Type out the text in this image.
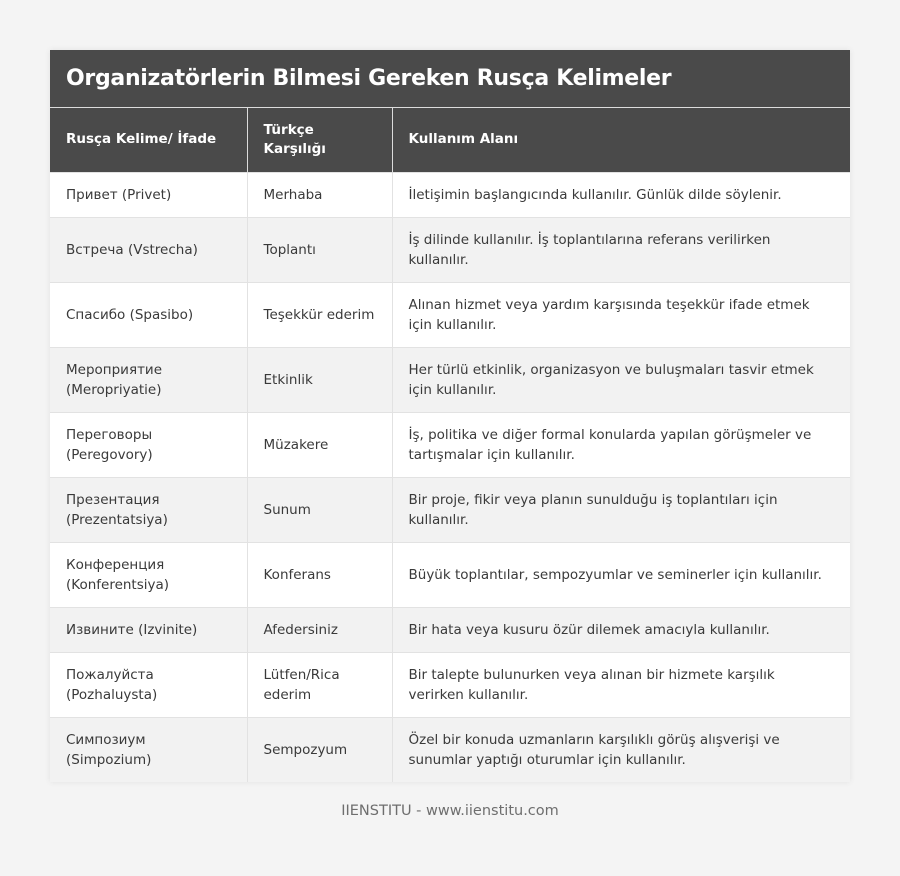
Organizatörlerin Bilmesi Gereken Rusça Kelimeler
Rusça Kelime/ İfade	Türkçe Karşılığı	Kullanım Alanı
Привет (Privet)	Merhaba	İletişimin başlangıcında kullanılır. Günlük dilde söylenir.
Встреча (Vstrecha)	Toplantı	İş dilinde kullanılır. İş toplantılarına referans verilirken kullanılır.
Спасибо (Spasibo)	Teşekkür ederim	Alınan hizmet veya yardım karşısında teşekkür ifade etmek için kullanılır.
Мероприятие (Meropriyatie)	Etkinlik	Her türlü etkinlik, organizasyon ve buluşmaları tasvir etmek için kullanılır.
Переговоры (Peregovory)	Müzakere	İş, politika ve diğer formal konularda yapılan görüşmeler ve tartışmalar için kullanılır.
Презентация (Prezentatsiya)	Sunum	Bir proje, fikir veya planın sunulduğu iş toplantıları için kullanılır.
Конференция (Konferentsiya)	Konferans	Büyük toplantılar, sempozyumlar ve seminerler için kullanılır.
Извините (Izvinite)	Afedersiniz	Bir hata veya kusuru özür dilemek amacıyla kullanılır.
Пожалуйста (Pozhaluysta)	Lütfen/Rica ederim	Bir talepte bulunurken veya alınan bir hizmete karşılık verirken kullanılır.
Симпозиум (Simpozium)	Sempozyum	Özel bir konuda uzmanların karşılıklı görüş alışverişi ve sunumlar yaptığı oturumlar için kullanılır.
IIENSTITU - www.iienstitu.com
